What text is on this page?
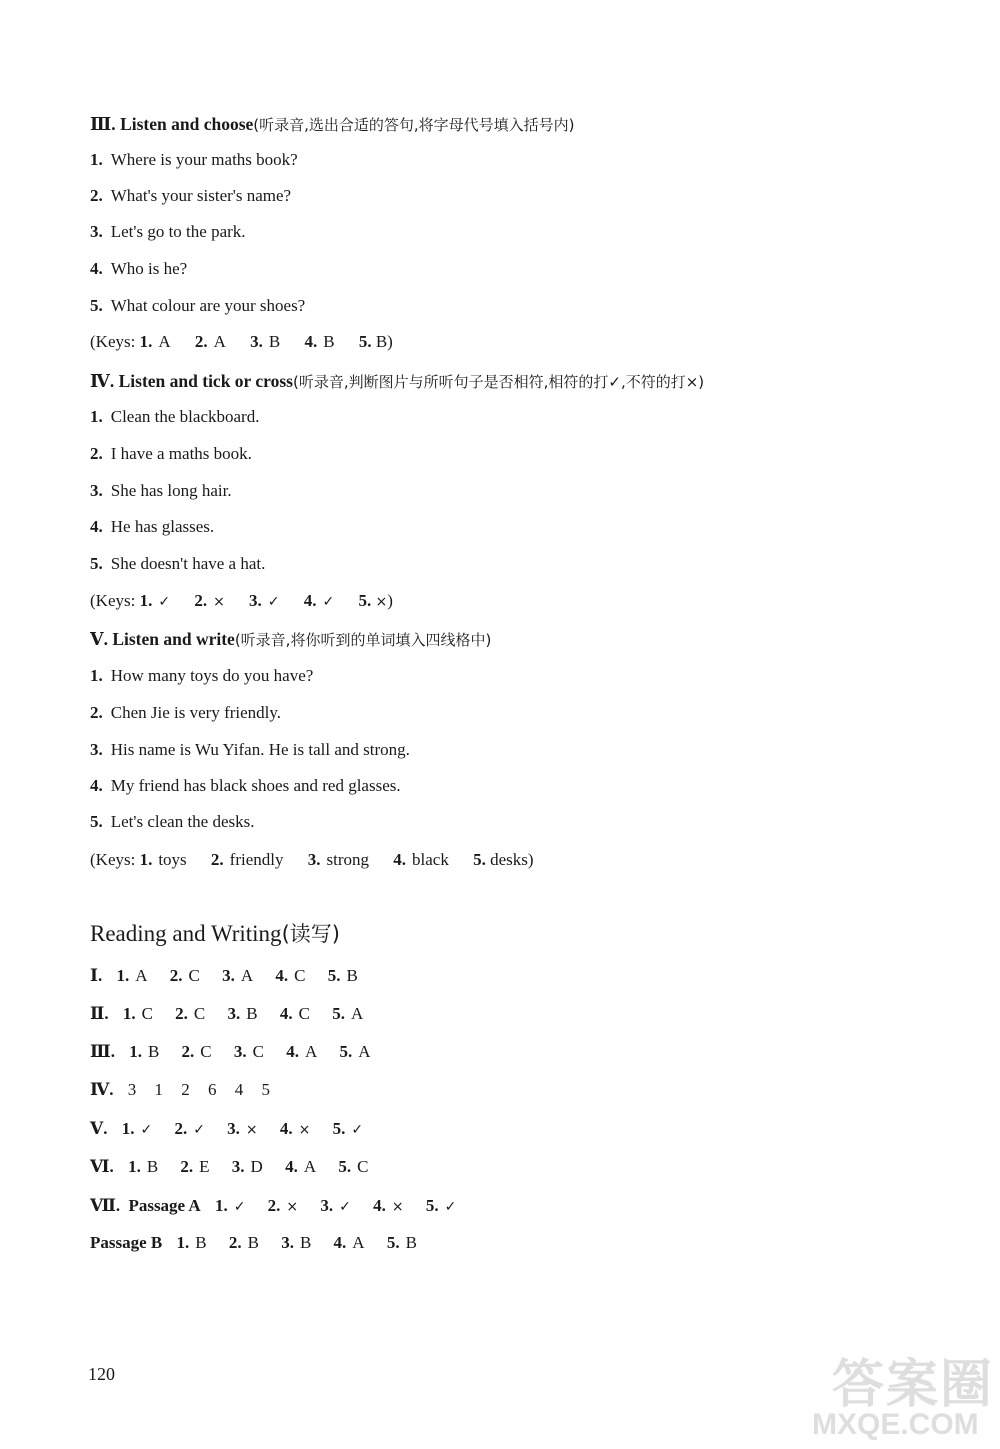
Ⅲ. Listen and choose(听录音,选出合适的答句,将字母代号填入括号内)
1. Where is your maths book?
2. What's your sister's name?
3. Let's go to the park.
4. Who is he?
5. What colour are your shoes?
(Keys: 1. A 2. A 3. B 4. B 5. B)
Ⅳ. Listen and tick or cross(听录音,判断图片与所听句子是否相符,相符的打✓,不符的打×)
1. Clean the blackboard.
2. I have a maths book.
3. She has long hair.
4. He has glasses.
5. She doesn't have a hat.
(Keys: 1. ✓ 2. × 3. ✓ 4. ✓ 5. ×)
Ⅴ. Listen and write(听录音,将你听到的单词填入四线格中)
1. How many toys do you have?
2. Chen Jie is very friendly.
3. His name is Wu Yifan. He is tall and strong.
4. My friend has black shoes and red glasses.
5. Let's clean the desks.
(Keys: 1. toys 2. friendly 3. strong 4. black 5. desks)
Reading and Writing(读写)
Ⅰ. 1. A 2. C 3. A 4. C 5. B
Ⅱ. 1. C 2. C 3. B 4. C 5. A
Ⅲ. 1. B 2. C 3. C 4. A 5. A
Ⅳ. 3 1 2 6 4 5
Ⅴ. 1. ✓ 2. ✓ 3. × 4. × 5. ✓
Ⅵ. 1. B 2. E 3. D 4. A 5. C
Ⅶ. Passage A 1. ✓ 2. × 3. ✓ 4. × 5. ✓
Passage B 1. B 2. B 3. B 4. A 5. B
120	答案圈
MXQE.COM
